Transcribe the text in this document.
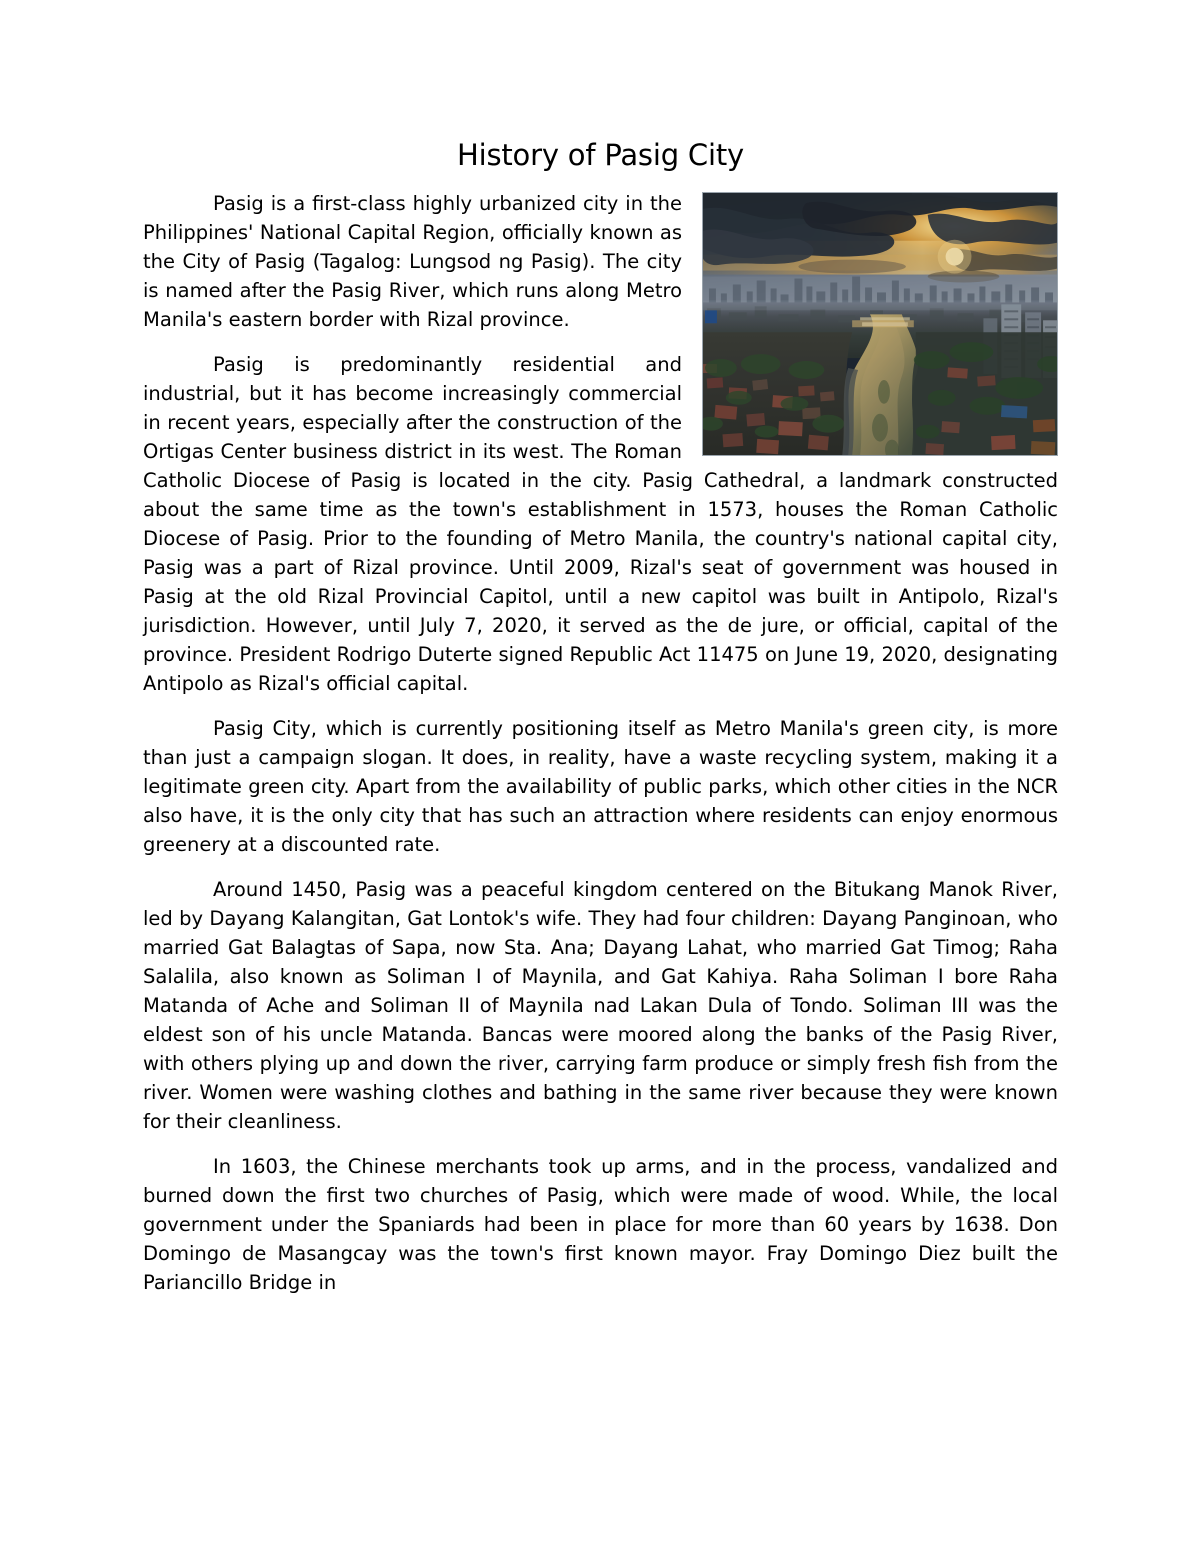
History of Pasig City

Pasig is a first-class highly urbanized city in the Philippines' National Capital Region, officially known as the City of Pasig (Tagalog: Lungsod ng Pasig). The city is named after the Pasig River, which runs along Metro Manila's eastern border with Rizal province.

Pasig is predominantly residential and industrial, but it has become increasingly commercial in recent years, especially after the construction of the Ortigas Center business district in its west. The Roman Catholic Diocese of Pasig is located in the city. Pasig Cathedral, a landmark constructed about the same time as the town's establishment in 1573, houses the Roman Catholic Diocese of Pasig. Prior to the founding of Metro Manila, the country's national capital city, Pasig was a part of Rizal province. Until 2009, Rizal's seat of government was housed in Pasig at the old Rizal Provincial Capitol, until a new capitol was built in Antipolo, Rizal's jurisdiction. However, until July 7, 2020, it served as the de jure, or official, capital of the province. President Rodrigo Duterte signed Republic Act 11475 on June 19, 2020, designating Antipolo as Rizal's official capital.

Pasig City, which is currently positioning itself as Metro Manila's green city, is more than just a campaign slogan. It does, in reality, have a waste recycling system, making it a legitimate green city. Apart from the availability of public parks, which other cities in the NCR also have, it is the only city that has such an attraction where residents can enjoy enormous greenery at a discounted rate.

Around 1450, Pasig was a peaceful kingdom centered on the Bitukang Manok River, led by Dayang Kalangitan, Gat Lontok's wife. They had four children: Dayang Panginoan, who married Gat Balagtas of Sapa, now Sta. Ana; Dayang Lahat, who married Gat Timog; Raha Salalila, also known as Soliman I of Maynila, and Gat Kahiya. Raha Soliman I bore Raha Matanda of Ache and Soliman II of Maynila nad Lakan Dula of Tondo. Soliman III was the eldest son of his uncle Matanda. Bancas were moored along the banks of the Pasig River, with others plying up and down the river, carrying farm produce or simply fresh fish from the river. Women were washing clothes and bathing in the same river because they were known for their cleanliness.

In 1603, the Chinese merchants took up arms, and in the process, vandalized and burned down the first two churches of Pasig, which were made of wood. While, the local government under the Spaniards had been in place for more than 60 years by 1638. Don Domingo de Masangcay was the town's first known mayor. Fray Domingo Diez built the Pariancillo Bridge in
